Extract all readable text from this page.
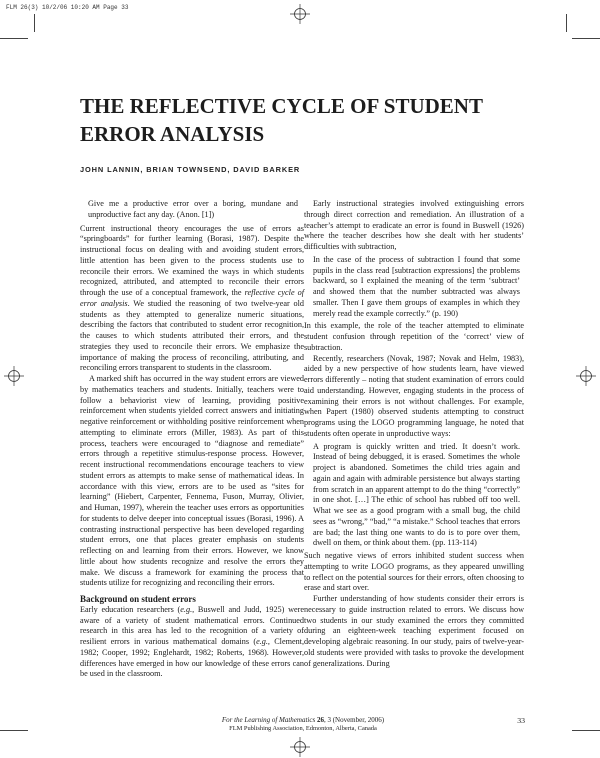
FLM 26(3) 10/2/06 10:20 AM Page 33
THE REFLECTIVE CYCLE OF STUDENT
ERROR ANALYSIS
JOHN LANNIN, BRIAN TOWNSEND, DAVID BARKER

Give me a productive error over a boring, mundane and unproductive fact any day. (Anon. [1])

Current instructional theory encourages the use of errors as “springboards” for further learning (Borasi, 1987). Despite the instructional focus on dealing with and avoiding student errors, little attention has been given to the process students use to reconcile their errors. We examined the ways in which students recognized, attributed, and attempted to reconcile their errors through the use of a conceptual framework, the reflective cycle of error analysis. We studied the reasoning of two twelve-year old students as they attempted to generalize numeric situations, describing the factors that contributed to student error recognition, the causes to which students attributed their errors, and the strategies they used to reconcile their errors. We emphasize the importance of making the process of reconciling, attributing, and reconciling errors transparent to students in the classroom.

A marked shift has occurred in the way student errors are viewed by mathematics teachers and students. Initially, teachers were to follow a behaviorist view of learning, providing positive reinforcement when students yielded correct answers and initiating negative reinforcement or withholding positive reinforcement when attempting to eliminate errors (Miller, 1983). As part of this process, teachers were encouraged to “diagnose and remediate” errors through a repetitive stimulus-response process. However, recent instructional recommendations encourage teachers to view student errors as attempts to make sense of mathematical ideas. In accordance with this view, errors are to be used as “sites for learning” (Hiebert, Carpenter, Fennema, Fuson, Murray, Olivier, and Human, 1997), wherein the teacher uses errors as opportunities for students to delve deeper into conceptual issues (Borasi, 1996). A contrasting instructional perspective has been developed regarding student errors, one that places greater emphasis on students reflecting on and learning from their errors. However, we know little about how students recognize and resolve the errors they make. We discuss a framework for examining the process that students utilize for recognizing and reconciling their errors.

Background on student errors

Early education researchers (e.g., Buswell and Judd, 1925) were aware of a variety of student mathematical errors. Continued research in this area has led to the recognition of a variety of resilient errors in various mathematical domains (e.g., Clement, 1982; Cooper, 1992; Englehardt, 1982; Roberts, 1968). However, differences have emerged in how our knowledge of these errors can be used in the classroom.

Early instructional strategies involved extinguishing errors through direct correction and remediation. An illustration of a teacher’s attempt to eradicate an error is found in Buswell (1926) where the teacher describes how she dealt with her students’ difficulties with subtraction,

In the case of the process of subtraction I found that some pupils in the class read [subtraction expressions] the problems backward, so I explained the meaning of the term ‘subtract’ and showed them that the number subtracted was always smaller. Then I gave them groups of examples in which they merely read the example correctly.” (p. 190)

In this example, the role of the teacher attempted to eliminate student confusion through repetition of the ‘correct’ view of subtraction.

Recently, researchers (Novak, 1987; Novak and Helm, 1983), aided by a new perspective of how students learn, have viewed errors differently – noting that student examination of errors could aid understanding. However, engaging students in the process of examining their errors is not without challenges. For example, when Papert (1980) observed students attempting to construct programs using the LOGO programming language, he noted that students often operate in unproductive ways:

A program is quickly written and tried. It doesn’t work. Instead of being debugged, it is erased. Sometimes the whole project is abandoned. Sometimes the child tries again and again and again with admirable persistence but always starting from scratch in an apparent attempt to do the thing “correctly” in one shot. […] The ethic of school has rubbed off too well. What we see as a good program with a small bug, the child sees as “wrong,” “bad,” “a mistake.” School teaches that errors are bad; the last thing one wants to do is to pore over them, dwell on them, or think about them. (pp. 113-114)

Such negative views of errors inhibited student success when attempting to write LOGO programs, as they appeared unwilling to reflect on the potential sources for their errors, often choosing to erase and start over.

Further understanding of how students consider their errors is necessary to guide instruction related to errors. We discuss how two students in our study examined the errors they committed during an eighteen-week teaching experiment focused on developing algebraic reasoning. In our study, pairs of twelve-year-old students were provided with tasks to provoke the development of generalizations. During

For the Learning of Mathematics 26, 3 (November, 2006)
FLM Publishing Association, Edmonton, Alberta, Canada
33
